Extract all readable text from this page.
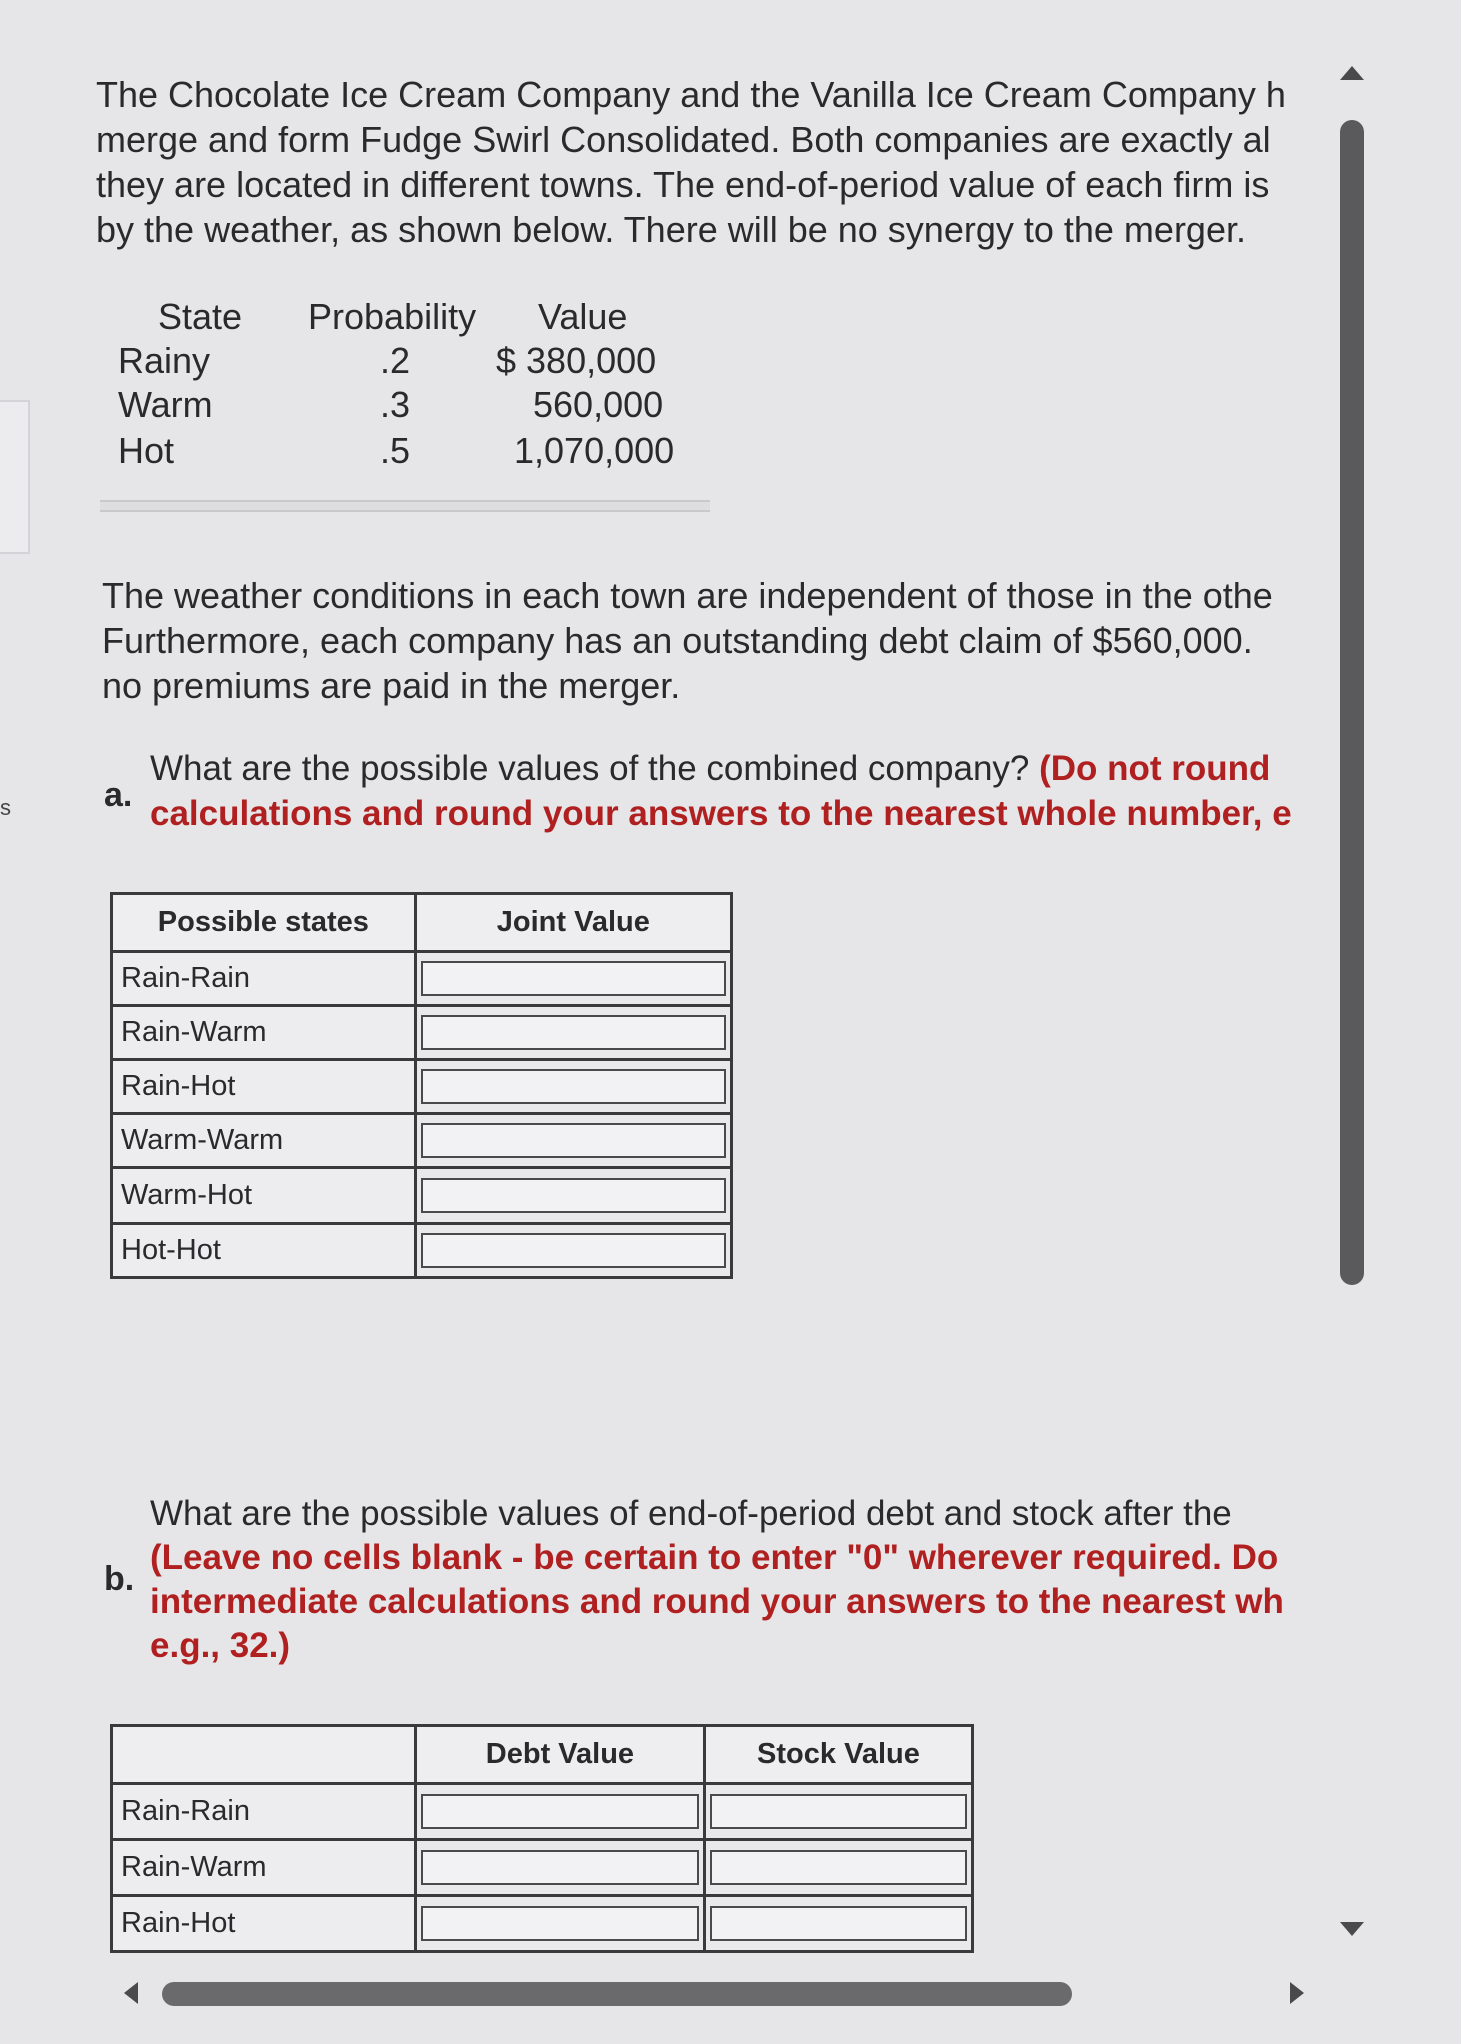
s
The Chocolate Ice Cream Company and the Vanilla Ice Cream Company h
merge and form Fudge Swirl Consolidated. Both companies are exactly al
they are located in different towns. The end-of-period value of each firm is
by the weather, as shown below. There will be no synergy to the merger.
State Probability Value
Rainy	.2 $ 380,000
Warm	.3	560,000
Hot	.5	1,070,000
The weather conditions in each town are independent of those in the othe
Furthermore, each company has an outstanding debt claim of $560,000.
no premiums are paid in the merger.
a.
What are the possible values of the combined company? (Do not round
calculations and round your answers to the nearest whole number, e
Possible states	Joint Value
Rain-Rain	
Rain-Warm	
Rain-Hot	
Warm-Warm	
Warm-Hot	
Hot-Hot	
b.
What are the possible values of end-of-period debt and stock after the
(Leave no cells blank - be certain to enter "0" wherever required. Do
intermediate calculations and round your answers to the nearest wh
e.g., 32.)
	Debt Value	Stock Value
Rain-Rain		
Rain-Warm		
Rain-Hot		
